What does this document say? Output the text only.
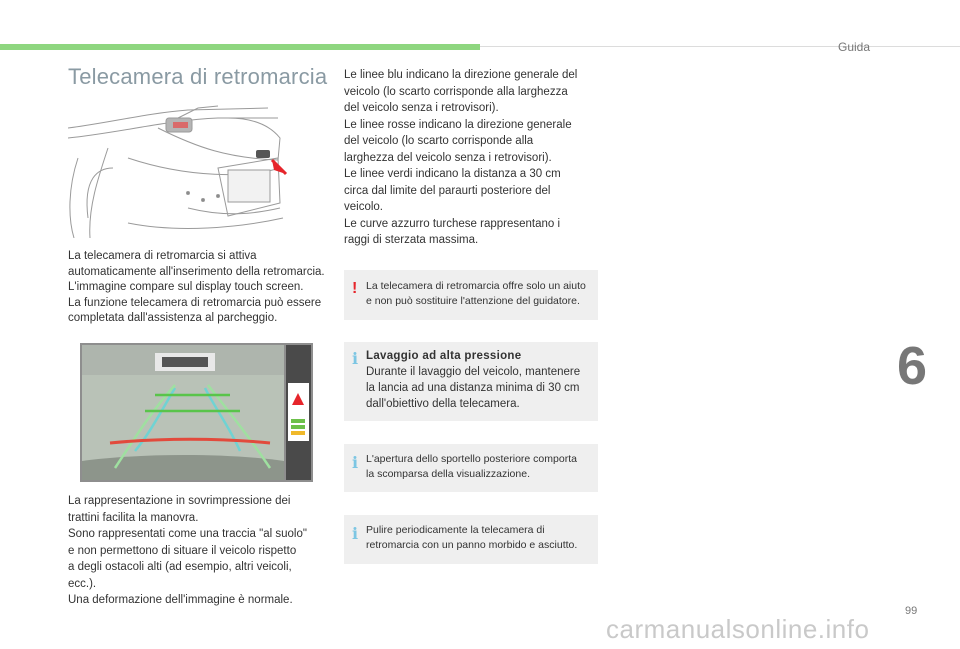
Guida
Telecamera di retromarcia
La telecamera di retromarcia si attiva
automaticamente all'inserimento della retromarcia.
L'immagine compare sul display touch screen.
La funzione telecamera di retromarcia può essere
completata dall'assistenza al parcheggio.
La rappresentazione in sovrimpressione dei
trattini facilita la manovra.
Sono rappresentati come una traccia "al suolo"
e non permettono di situare il veicolo rispetto
a degli ostacoli alti (ad esempio, altri veicoli,
ecc.).
Una deformazione dell'immagine è normale.
Le linee blu indicano la direzione generale del
veicolo (lo scarto corrisponde alla larghezza
del veicolo senza i retrovisori).
Le linee rosse indicano la direzione generale
del veicolo (lo scarto corrisponde alla
larghezza del veicolo senza i retrovisori).
Le linee verdi indicano la distanza a 30 cm
circa dal limite del paraurti posteriore del
veicolo.
Le curve azzurro turchese rappresentano i
raggi di sterzata massima.
! La telecamera di retromarcia offre solo un aiuto
e non può sostituire l'attenzione del guidatore.
i Lavaggio ad alta pressione
Durante il lavaggio del veicolo, mantenere
la lancia ad una distanza minima di 30 cm
dall'obiettivo della telecamera.
i L'apertura dello sportello posteriore comporta
la scomparsa della visualizzazione.
i Pulire periodicamente la telecamera di
retromarcia con un panno morbido e asciutto.
6
99
carmanualsonline.info
